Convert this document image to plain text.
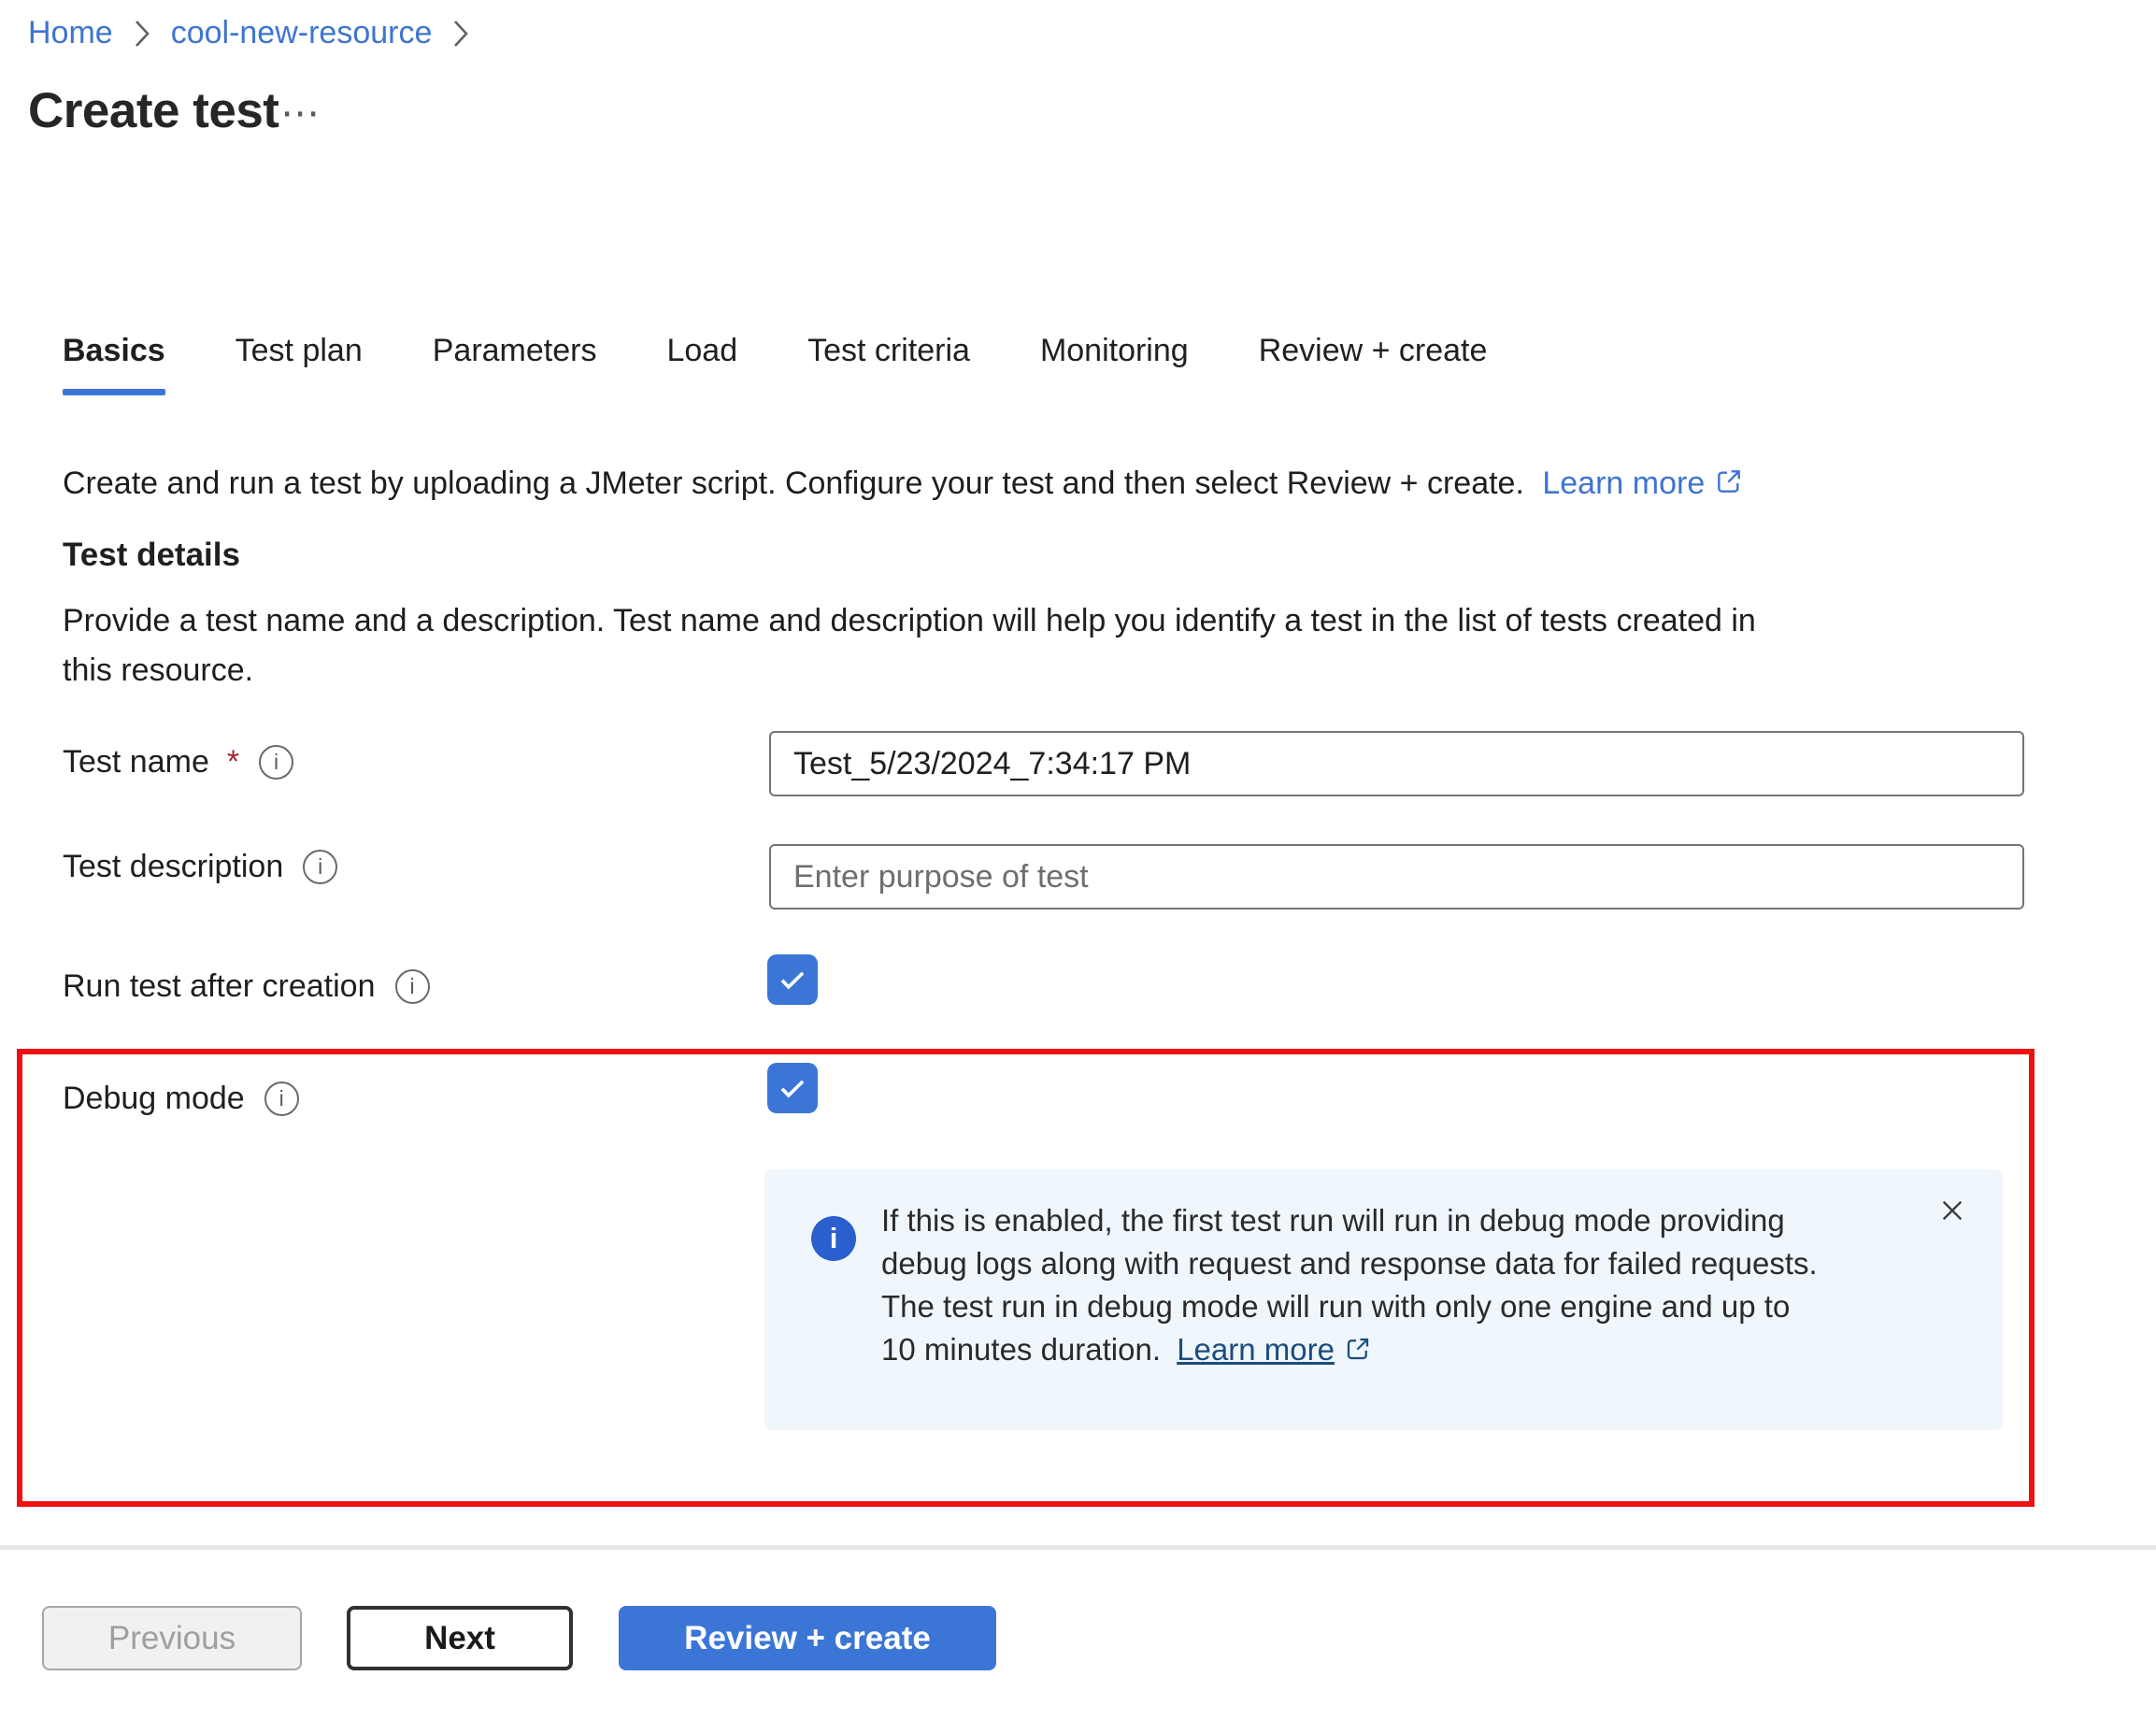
Home cool-new-resource
Create test ⋯
Basics Test plan Parameters Load Test criteria Monitoring Review + create
Create and run a test by uploading a JMeter script. Configure your test and then select Review + create. Learn more
Test details
Provide a test name and a description. Test name and description will help you identify a test in the list of tests created in
this resource.
Test name *	i
Test_5/23/2024_7:34:17 PM
Test description	i
Enter purpose of test
Run test after creation	i
Debug mode	i
i
If this is enabled, the first test run will run in debug mode providing
debug logs along with request and response data for failed requests.
The test run in debug mode will run with only one engine and up to
10 minutes duration. Learn more
Previous	Next	Review + create
